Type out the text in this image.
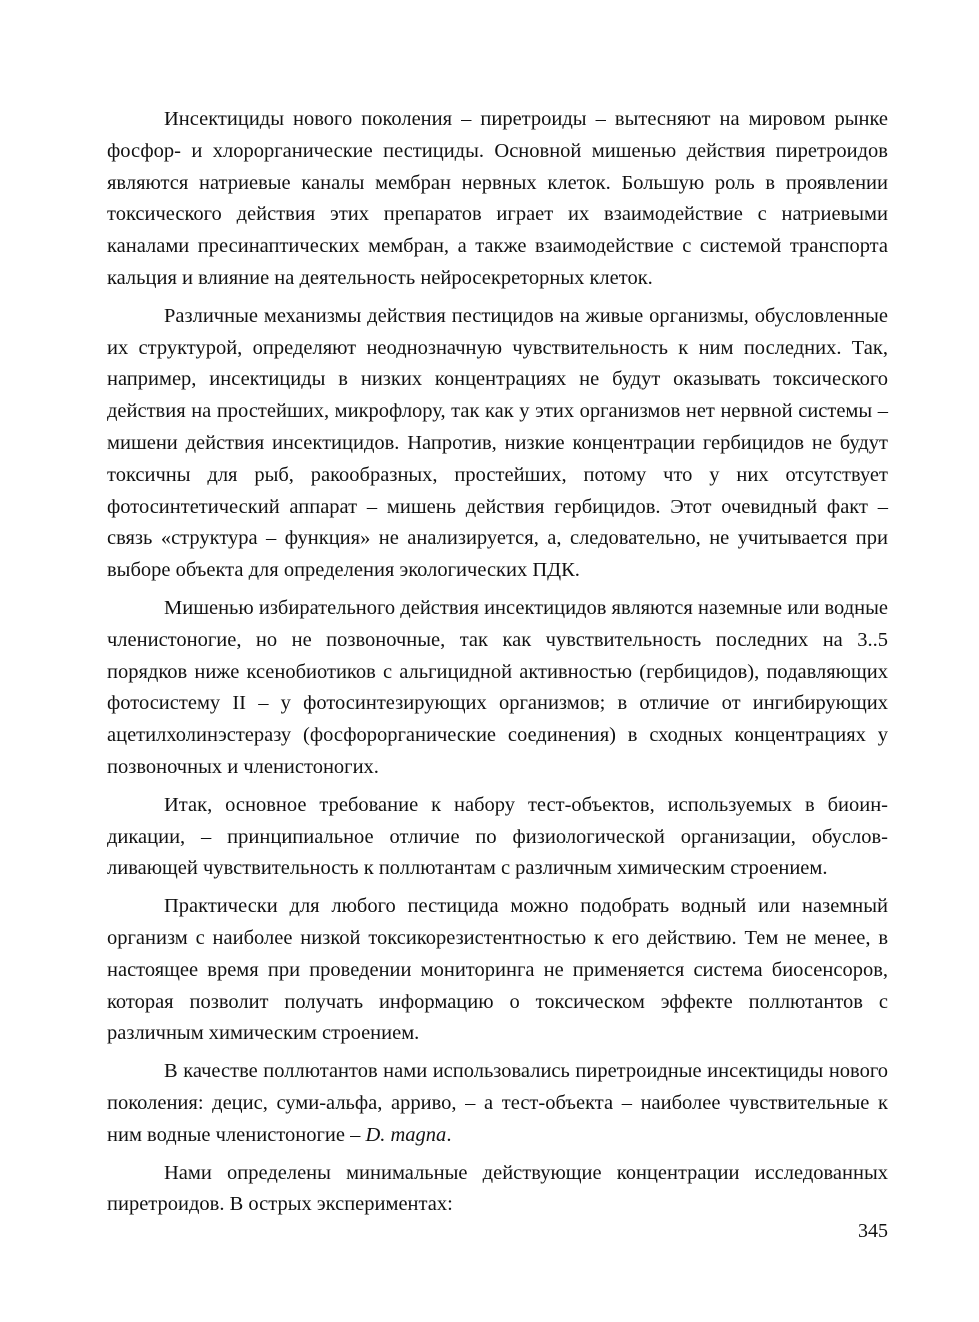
Инсектициды нового поколения – пиретроиды – вытесняют на мировом рынке фосфор- и хлорорганические пестициды. Основной мишенью действия пиретроидов являются натриевые каналы мембран нервных клеток. Большую роль в проявлении токсического действия этих препаратов играет их взаимодействие с натриевыми каналами пресинаптических мембран, а также взаимодействие с системой транспорта кальция и влияние на деятельность нейросекреторных клеток.

Различные механизмы действия пестицидов на живые организмы, обусловленные их структурой, определяют неоднозначную чувствительность к ним последних. Так, например, инсектициды в низких концентрациях не будут оказывать токсического действия на простейших, микрофлору, так как у этих организмов нет нервной системы – мишени действия инсектицидов. Напротив, низкие концентрации гербицидов не будут токсичны для рыб, ракообразных, простейших, потому что у них отсутствует фотосинтетический аппарат – мишень действия гербицидов. Этот очевидный факт – связь «структура – функция» не анализируется, а, следовательно, не учитывается при выборе объекта для определения экологических ПДК.

Мишенью избирательного действия инсектицидов являются наземные или водные членистоногие, но не позвоночные, так как чувствительность последних на 3..5 порядков ниже ксенобиотиков с альгицидной активностью (гербицидов), подавляющих фотосистему II – у фотосинтезирующих организмов; в отличие от ингибирующих ацетилхолинэстеразу (фосфорорганические соединения) в сходных концентрациях у позвоночных и членистоногих.

Итак, основное требование к набору тест-объектов, используемых в биоиндикации, – принципиальное отличие по физиологической организации, обусловливающей чувствительность к поллютантам с различным химическим строением.

Практически для любого пестицида можно подобрать водный или наземный организм с наиболее низкой токсикорезистентностью к его действию. Тем не менее, в настоящее время при проведении мониторинга не применяется система биосенсоров, которая позволит получать информацию о токсическом эффекте поллютантов с различным химическим строением.

В качестве поллютантов нами использовались пиретроидные инсектициды нового поколения: децис, суми-альфа, арриво, – а тест-объекта – наиболее чувствительные к ним водные членистоногие – D. magna.

Нами определены минимальные действующие концентрации исследованных пиретроидов. В острых экспериментах:

345
